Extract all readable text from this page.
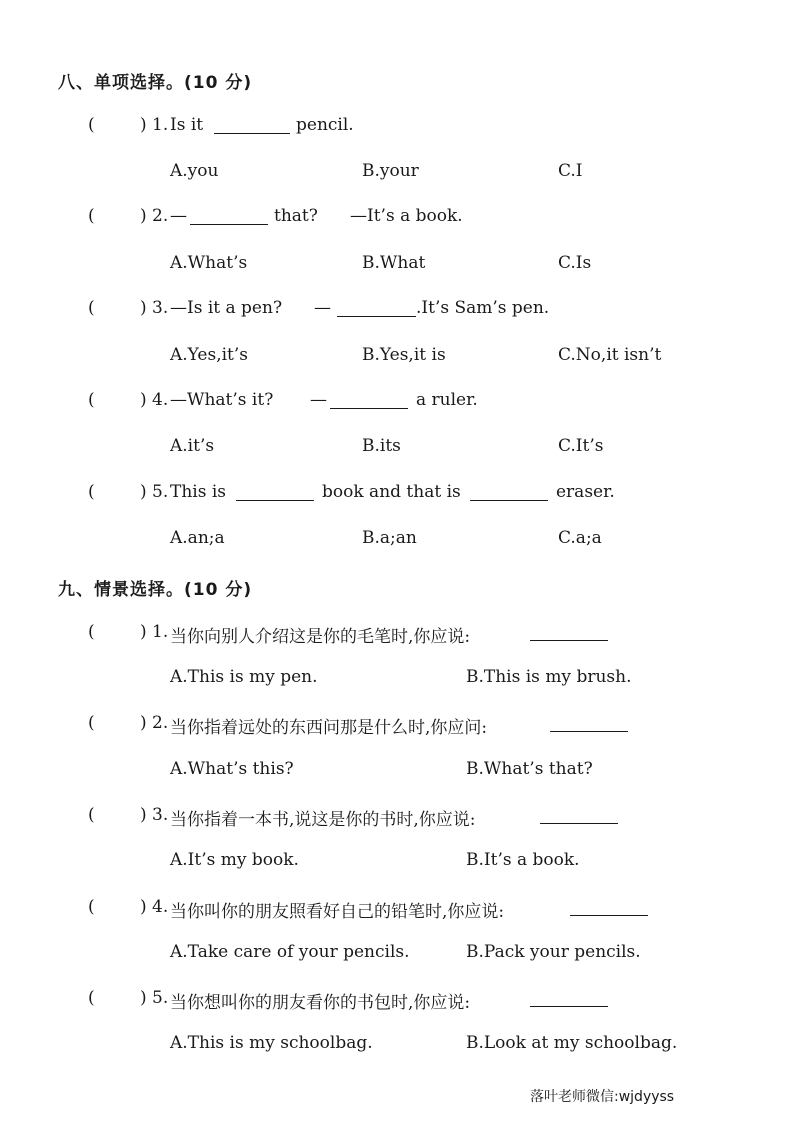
八、单项选择。(10 分)
(	) 1. Is it	pencil.
A.you	B.your	C.I
(	) 2. —	that? —It’s a book.
A.What’s	B.What	C.Is
(	) 3. —Is it a pen? —	.It’s Sam’s pen.
A.Yes,it’s	B.Yes,it is	C.No,it isn’t
(	) 4. —What’s it? —	a ruler.
A.it’s	B.its	C.It’s
(	) 5. This is	book and that is	eraser.
A.an;a	B.a;an	C.a;a
九、情景选择。(10 分)
(	) 1. 当你向别人介绍这是你的毛笔时,你应说:
A.This is my pen.	B.This is my brush.
(	) 2. 当你指着远处的东西问那是什么时,你应问:
A.What’s this?	B.What’s that?
(	) 3. 当你指着一本书,说这是你的书时,你应说:
A.It’s my book.	B.It’s a book.
(	) 4. 当你叫你的朋友照看好自己的铅笔时,你应说:
A.Take care of your pencils.	B.Pack your pencils.
(	) 5. 当你想叫你的朋友看你的书包时,你应说:
A.This is my schoolbag.	B.Look at my schoolbag.
落叶老师微信:wjdyyss
